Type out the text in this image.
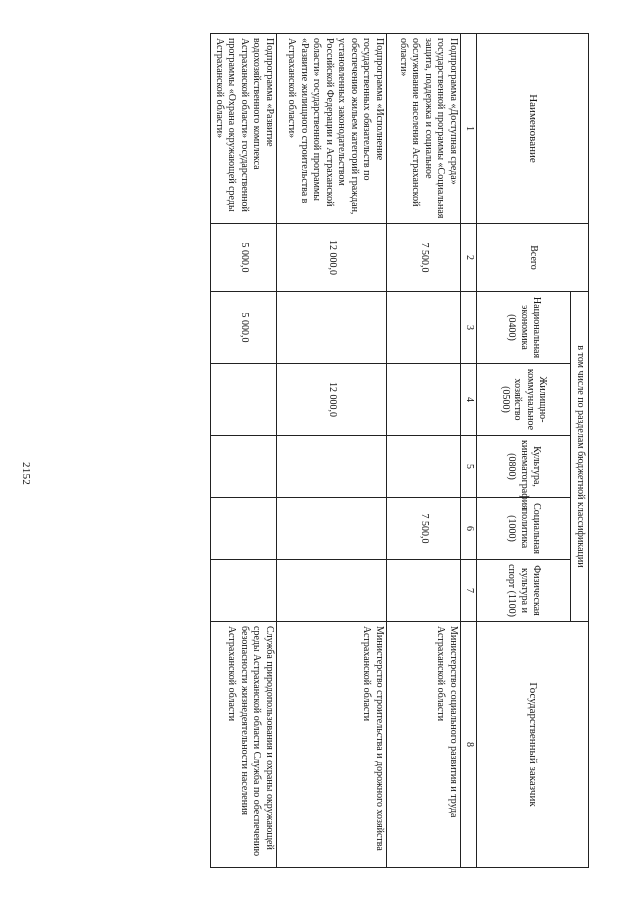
2152
Наименование	Всего	в том числе по разделам бюджетной классификации					Государственный заказчик
		Национальная экономика (0400)	Жилищно-коммунальное хозяйство (0500)	Культура, кинематография (0800)	Социальная политика (1000)	Физическая культура и спорт (1100)	
1	2	3	4	5	6	7	8
Подпрограмма «Доступная среда» государственной программы «Социальная защита, поддержка и социальное обслуживание населения Астраханской области»	7 500,0				7 500,0		Министерство социального развития и труда Астраханской области
Подпрограмма «Исполнение государственных обязательств по обеспечению жильем категорий граждан, установленных законодательством Российской Федерации и Астраханской области» государственной программы «Развитие жилищного строительства в Астраханской области»	12 000,0		12 000,0				Министерство строительства и дорожного хозяйства Астраханской области
Подпрограмма «Развитие водохозяйственного комплекса Астраханской области» государственной программы «Охрана окружающей среды Астраханской области»	5 000,0	5 000,0					Служба природопользования и охраны окружающей среды Астраханской области Служба по обеспечению безопасности жизнедеятельности населения Астраханской области
